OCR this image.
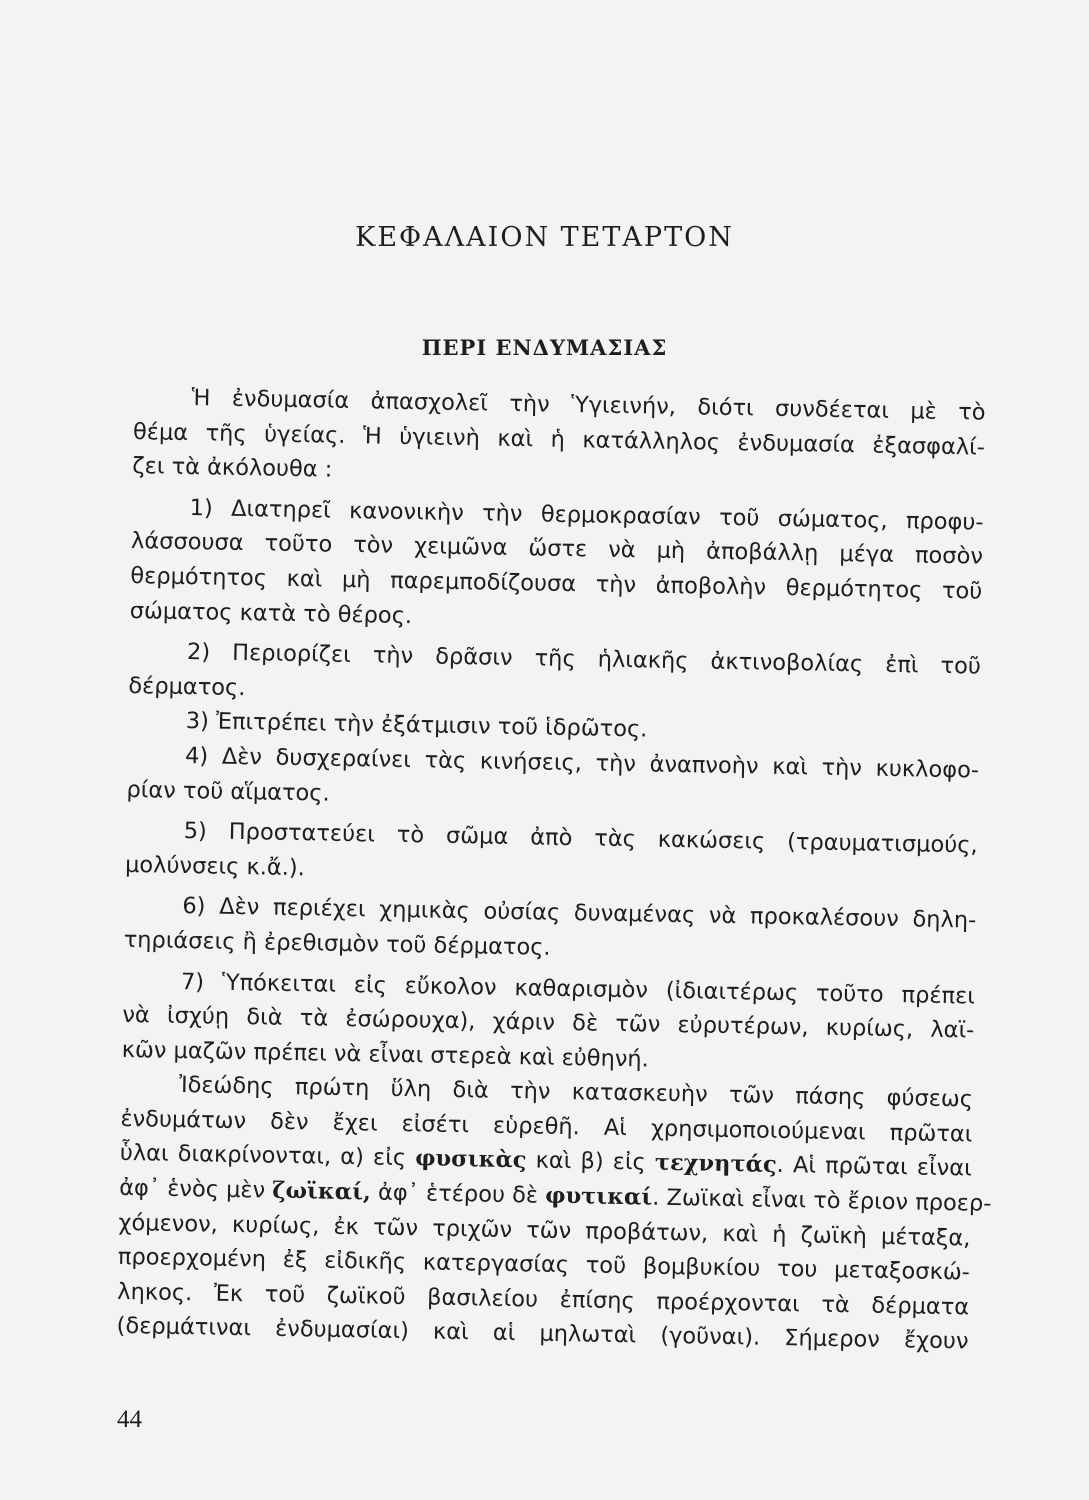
ΚΕΦΑΛΑΙΟΝ ΤΕΤΑΡΤΟΝ
ΠΕΡΙ ΕΝΔΥΜΑΣΙΑΣ
Ἡ ἐνδυμασία ἀπασχολεῖ τὴν Ὑγιεινήν, διότι συνδέεται μὲ τὸ
θέμα τῆς ὑγείας. Ἡ ὑγιεινὴ καὶ ἡ κατάλληλος ἐνδυμασία ἐξασφαλί-
ζει τὰ ἀκόλουθα :
1) Διατηρεῖ κανονικὴν τὴν θερμοκρασίαν τοῦ σώματος, προφυ-
λάσσουσα τοῦτο τὸν χειμῶνα ὥστε νὰ μὴ ἀποβάλλῃ μέγα ποσὸν
θερμότητος καὶ μὴ παρεμποδίζουσα τὴν ἀποβολὴν θερμότητος τοῦ
σώματος κατὰ τὸ θέρος.
2) Περιορίζει τὴν δρᾶσιν τῆς ἡλιακῆς ἀκτινοβολίας ἐπὶ τοῦ
δέρματος.
3) Ἐπιτρέπει τὴν ἐξάτμισιν τοῦ ἱδρῶτος.
4) Δὲν δυσχεραίνει τὰς κινήσεις, τὴν ἀναπνοὴν καὶ τὴν κυκλοφο-
ρίαν τοῦ αἵματος.
5) Προστατεύει τὸ σῶμα ἀπὸ τὰς κακώσεις (τραυματισμούς,
μολύνσεις κ.ἄ.).
6) Δὲν περιέχει χημικὰς οὐσίας δυναμένας νὰ προκαλέσουν δηλη-
τηριάσεις ἢ ἐρεθισμὸν τοῦ δέρματος.
7) Ὑπόκειται εἰς εὔκολον καθαρισμὸν (ἰδιαιτέρως τοῦτο πρέπει
νὰ ἰσχύῃ διὰ τὰ ἐσώρουχα), χάριν δὲ τῶν εὐρυτέρων, κυρίως, λαϊ-
κῶν μαζῶν πρέπει νὰ εἶναι στερεὰ καὶ εὐθηνή.
Ἰδεώδης πρώτη ὕλη διὰ τὴν κατασκευὴν τῶν πάσης φύσεως
ἐνδυμάτων δὲν ἔχει εἰσέτι εὑρεθῆ. Αἱ χρησιμοποιούμεναι πρῶται
ὗλαι διακρίνονται, α) εἰς φυσικὰς καὶ β) εἰς τεχνητάς. Αἱ πρῶται εἶναι
ἀφ᾽ ἑνὸς μὲν ζωϊκαί, ἀφ᾽ ἑτέρου δὲ φυτικαί. Ζωϊκαὶ εἶναι τὸ ἔριον προερ-
χόμενον, κυρίως, ἐκ τῶν τριχῶν τῶν προβάτων, καὶ ἡ ζωϊκὴ μέταξα,
προερχομένη ἐξ εἰδικῆς κατεργασίας τοῦ βομβυκίου του μεταξοσκώ-
ληκος. Ἐκ τοῦ ζωϊκοῦ βασιλείου ἐπίσης προέρχονται τὰ δέρματα
(δερμάτιναι ἐνδυμασίαι) καὶ αἱ μηλωταὶ (γοῦναι). Σήμερον ἔχουν
44
